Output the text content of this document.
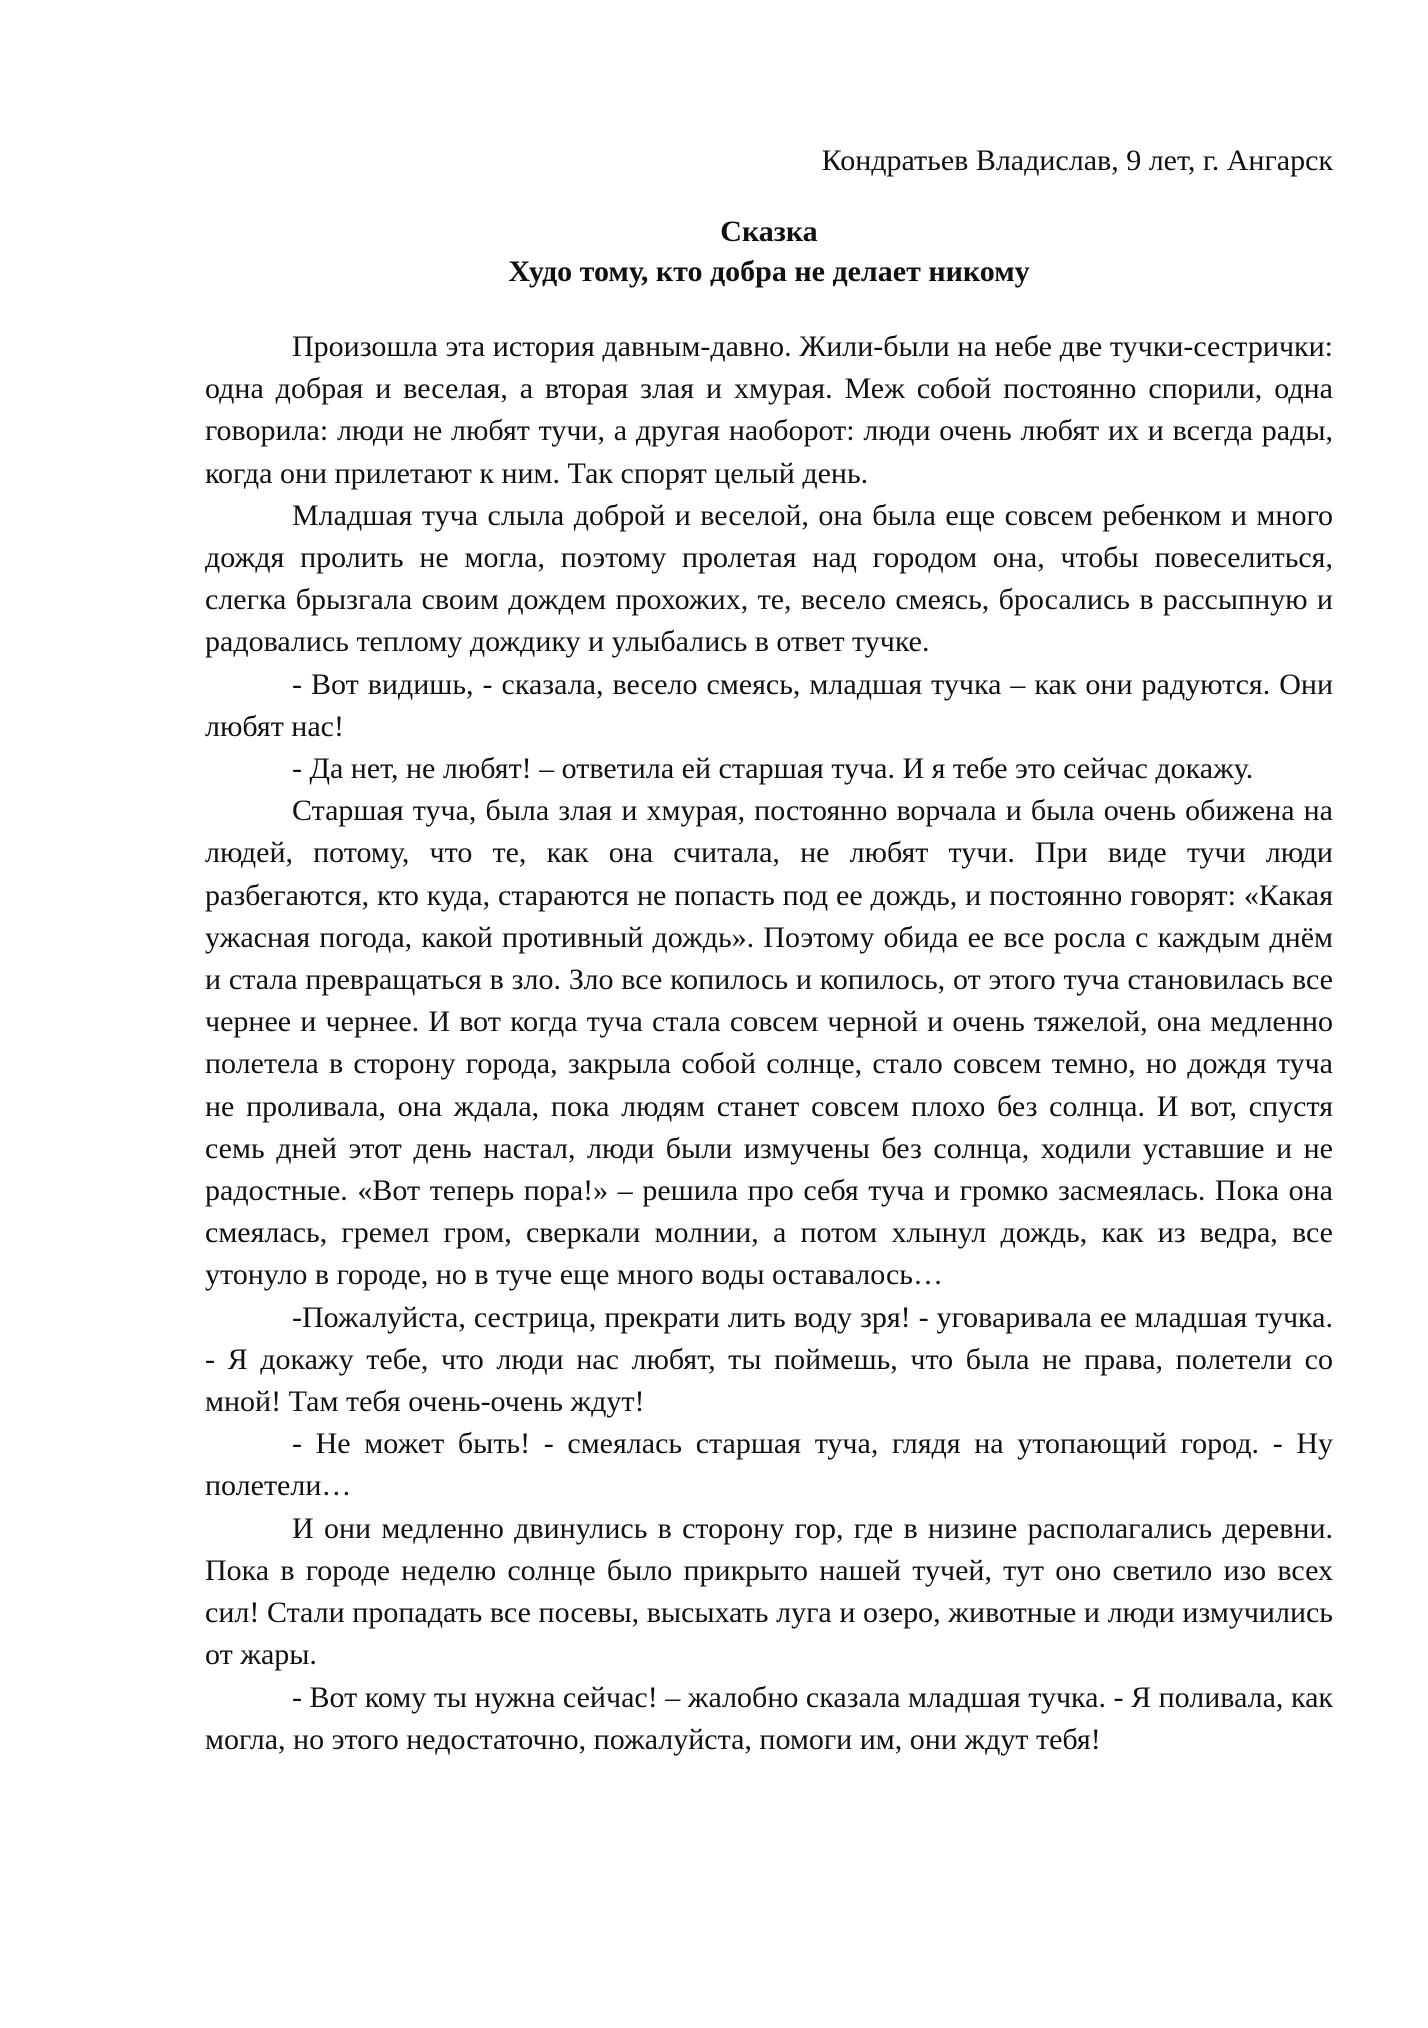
Кондратьев Владислав, 9 лет, г. Ангарск
Сказка
Худо тому, кто добра не делает никому

Произошла эта история давным-давно. Жили-были на небе две тучки-сестрички: одна добрая и веселая, а вторая злая и хмурая. Меж собой постоянно спорили, одна говорила: люди не любят тучи, а другая наоборот: люди очень любят их и всегда рады, когда они прилетают к ним. Так спорят целый день.

Младшая туча слыла доброй и веселой, она была еще совсем ребенком и много дождя пролить не могла, поэтому пролетая над городом она, чтобы повеселиться, слегка брызгала своим дождем прохожих, те, весело смеясь, бросались в рассыпную и радовались теплому дождику и улыбались в ответ тучке.

- Вот видишь, - сказала, весело смеясь, младшая тучка – как они радуются. Они любят нас!

- Да нет, не любят! – ответила ей старшая туча. И я тебе это сейчас докажу.

Старшая туча, была злая и хмурая, постоянно ворчала и была очень обижена на людей, потому, что те, как она считала, не любят тучи. При виде тучи люди разбегаются, кто куда, стараются не попасть под ее дождь, и постоянно говорят: «Какая ужасная погода, какой противный дождь». Поэтому обида ее все росла с каждым днём и стала превращаться в зло. Зло все копилось и копилось, от этого туча становилась все чернее и чернее. И вот когда туча стала совсем черной и очень тяжелой, она медленно полетела в сторону города, закрыла собой солнце, стало совсем темно, но дождя туча не проливала, она ждала, пока людям станет совсем плохо без солнца. И вот, спустя семь дней этот день настал, люди были измучены без солнца, ходили уставшие и не радостные. «Вот теперь пора!» – решила про себя туча и громко засмеялась. Пока она смеялась, гремел гром, сверкали молнии, а потом хлынул дождь, как из ведра, все утонуло в городе, но в туче еще много воды оставалось…

-Пожалуйста, сестрица, прекрати лить воду зря! - уговаривала ее младшая тучка. - Я докажу тебе, что люди нас любят, ты поймешь, что была не права, полетели со мной! Там тебя очень-очень ждут!

- Не может быть! - смеялась старшая туча, глядя на утопающий город. - Ну полетели…

И они медленно двинулись в сторону гор, где в низине располагались деревни. Пока в городе неделю солнце было прикрыто нашей тучей, тут оно светило изо всех сил! Стали пропадать все посевы, высыхать луга и озеро, животные и люди измучились от жары.

- Вот кому ты нужна сейчас! – жалобно сказала младшая тучка. - Я поливала, как могла, но этого недостаточно, пожалуйста, помоги им, они ждут тебя!
